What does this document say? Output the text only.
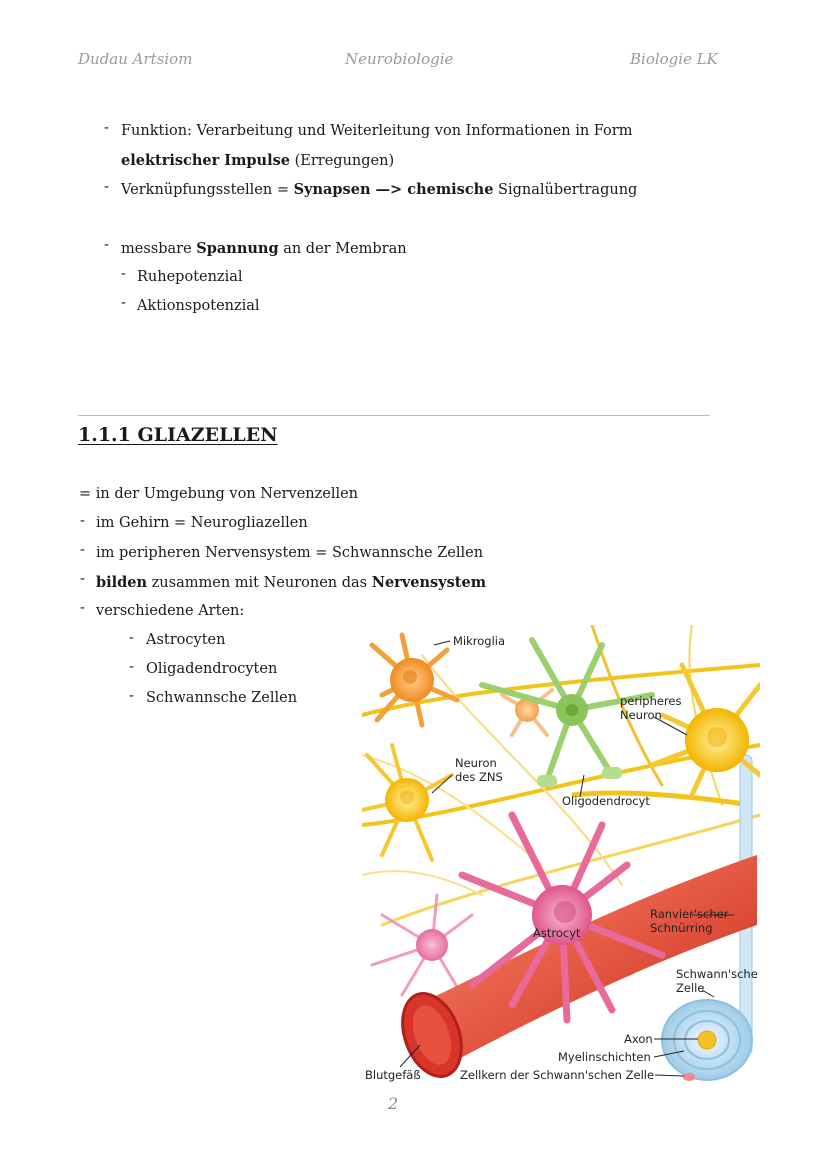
Dudau Artsiom	Neurobiologie	Biologie LK
- Funktion: Verarbeitung und Weiterleitung von Informationen in Form
elektrischer Impulse (Erregungen)
- Verknüpfungsstellen = Synapsen —> chemische Signalübertragung
- messbare Spannung an der Membran
- Ruhepotenzial
- Aktionspotenzial
1.1.1 GLIAZELLEN
= in der Umgebung von Nervenzellen
- im Gehirn = Neurogliazellen
- im peripheren Nervensystem = Schwannsche Zellen
- bilden zusammen mit Neuronen das Nervensystem
- verschiedene Arten:
- Astrocyten
- Oligadendrocyten
- Schwannsche Zellen
Mikroglia
peripheres
Neuron
Neuron
des ZNS
Oligodendrocyt
Ranvier'scher
Schnürring
Astrocyt
Schwann'sche
Zelle
Axon
Myelinschichten
Zellkern der Schwann'schen Zelle
Blutgefäß
2
